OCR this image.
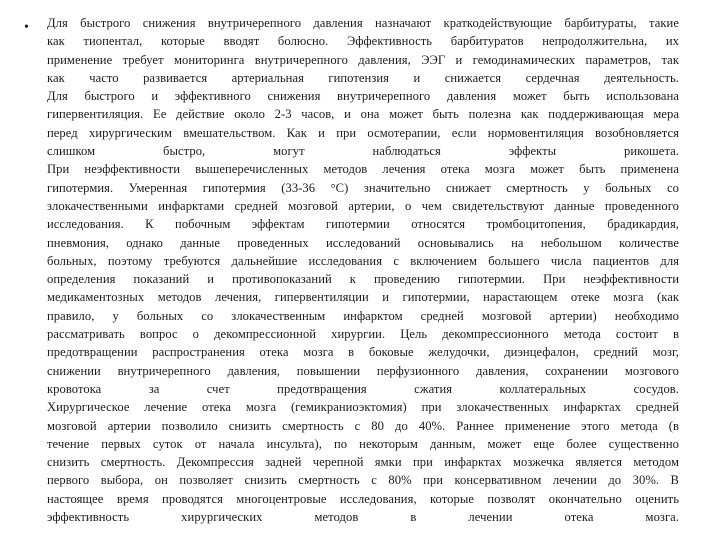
• Для быстрого снижения внутричерепного давления назначают краткодействующие барбитураты, такие
как тиопентал, которые вводят болюсно. Эффективность барбитуратов непродолжительна, их
применение требует мониторинга внутричерепного давления, ЭЭГ и гемодинамических параметров, так
как часто развивается артериальная гипотензия и снижается сердечная деятельность.
Для быстрого и эффективного снижения внутричерепного давления может быть использована
гипервентиляция. Ее действие около 2-3 часов, и она может быть полезна как поддерживающая мера
перед хирургическим вмешательством. Как и при осмотерапии, если нормовентиляция возобновляется
слишком быстро, могут наблюдаться эффекты рикошета.
При неэффективности вышеперечисленных методов лечения отека мозга может быть применена
гипотермия. Умеренная гипотермия (33-36 °С) значительно снижает смертность у больных со
злокачественными инфарктами средней мозговой артерии, о чем свидетельствуют данные проведенного
исследования. К побочным эффектам гипотермии относятся тромбоцитопения, брадикардия,
пневмония, однако данные проведенных исследований основывались на небольшом количестве
больных, поэтому требуются дальнейшие исследования с включением большего числа пациентов для
определения показаний и противопоказаний к проведению гипотермии. При неэффективности
медикаментозных методов лечения, гипервентиляции и гипотермии, нарастающем отеке мозга (как
правило, у больных со злокачественным инфарктом средней мозговой артерии) необходимо
рассматривать вопрос о декомпрессионной хирургии. Цель декомпрессионного метода состоит в
предотвращении распространения отека мозга в боковые желудочки, диэнцефалон, средний мозг,
снижении внутричерепного давления, повышении перфузионного давления, сохранении мозгового
кровотока за счет предотвращения сжатия коллатеральных сосудов.
Хирургическое лечение отека мозга (гемикраниоэктомия) при злокачественных инфарктах средней
мозговой артерии позволило снизить смертность с 80 до 40%. Раннее применение этого метода (в
течение первых суток от начала инсульта), по некоторым данным, может еще более существенно
снизить смертность. Декомпрессия задней черепной ямки при инфарктах мозжечка является методом
первого выбора, он позволяет снизить смертность с 80% при консервативном лечении до 30%. В
настоящее время проводятся многоцентровые исследования, которые позволят окончательно оценить
эффективность хирургических методов в лечении отека мозга.
